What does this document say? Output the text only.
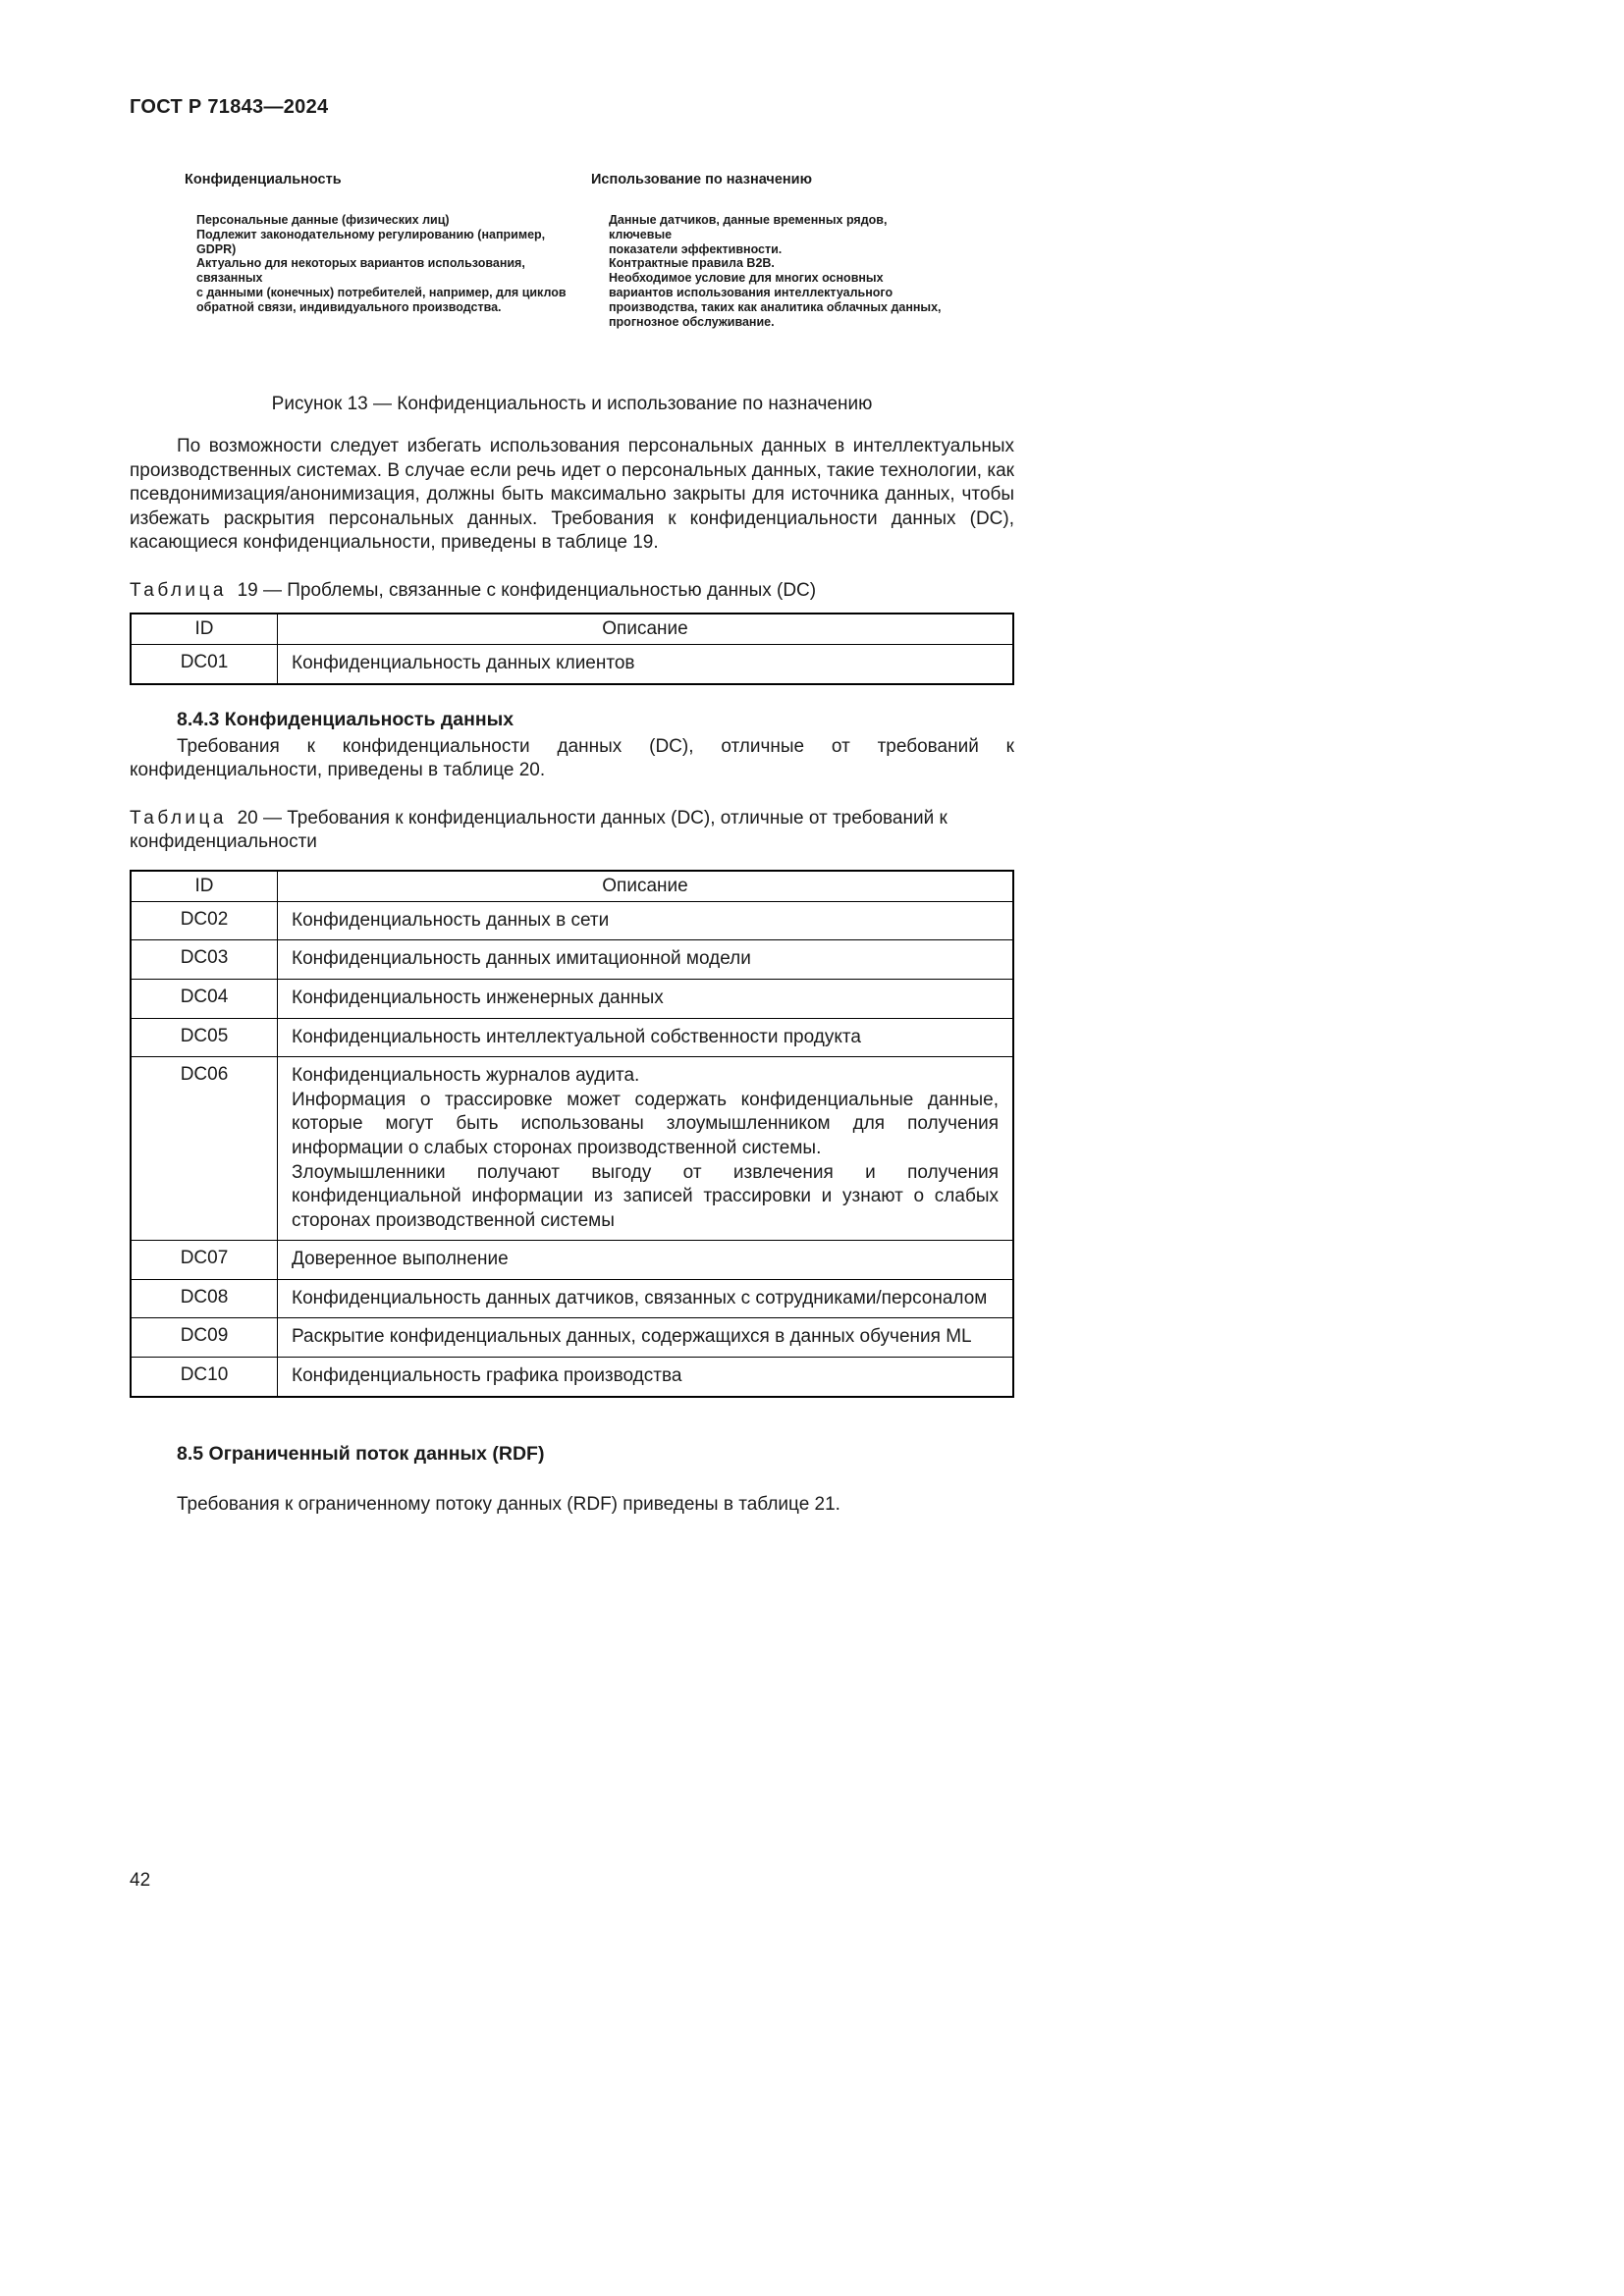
ГОСТ Р 71843—2024
Конфиденциальность
Персональные данные (физических лиц)
Подлежит законодательному регулированию (например, GDPR)
Актуально для некоторых вариантов использования, связанных
с данными (конечных) потребителей, например, для циклов
обратной связи, индивидуального производства.
Использование по назначению
Данные датчиков, данные временных рядов, ключевые
показатели эффективности.
Контрактные правила B2B.
Необходимое условие для многих основных
вариантов использования интеллектуального
производства, таких как аналитика облачных данных,
прогнозное обслуживание.
Рисунок 13 — Конфиденциальность и использование по назначению

По возможности следует избегать использования персональных данных в интеллектуальных производственных системах. В случае если речь идет о персональных данных, такие технологии, как псевдонимизация/анонимизация, должны быть максимально закрыты для источника данных, чтобы избежать раскрытия персональных данных. Требования к конфиденциальности данных (DC), касающиеся конфиденциальности, приведены в таблице 19.

Таблица 19 — Проблемы, связанные с конфиденциальностью данных (DC)

ID	Описание
DC01	Конфиденциальность данных клиентов
8.4.3 Конфиденциальность данных

Требования к конфиденциальности данных (DC), отличные от требований к конфиденциальности, приведены в таблице 20.

Таблица 20 — Требования к конфиденциальности данных (DC), отличные от требований к конфиденциальности

ID	Описание
DC02	Конфиденциальность данных в сети
DC03	Конфиденциальность данных имитационной модели
DC04	Конфиденциальность инженерных данных
DC05	Конфиденциальность интеллектуальной собственности продукта
DC06	Конфиденциальность журналов аудита.
Информация о трассировке может содержать конфиденциальные данные, которые могут быть использованы злоумышленником для получения информации о слабых сторонах производственной системы.
Злоумышленники получают выгоду от извлечения и получения конфиденциальной информации из записей трассировки и узнают о слабых сторонах производственной системы
DC07	Доверенное выполнение
DC08	Конфиденциальность данных датчиков, связанных с сотрудниками/персоналом
DC09	Раскрытие конфиденциальных данных, содержащихся в данных обучения ML
DC10	Конфиденциальность графика производства
8.5 Ограниченный поток данных (RDF)

Требования к ограниченному потоку данных (RDF) приведены в таблице 21.

42
